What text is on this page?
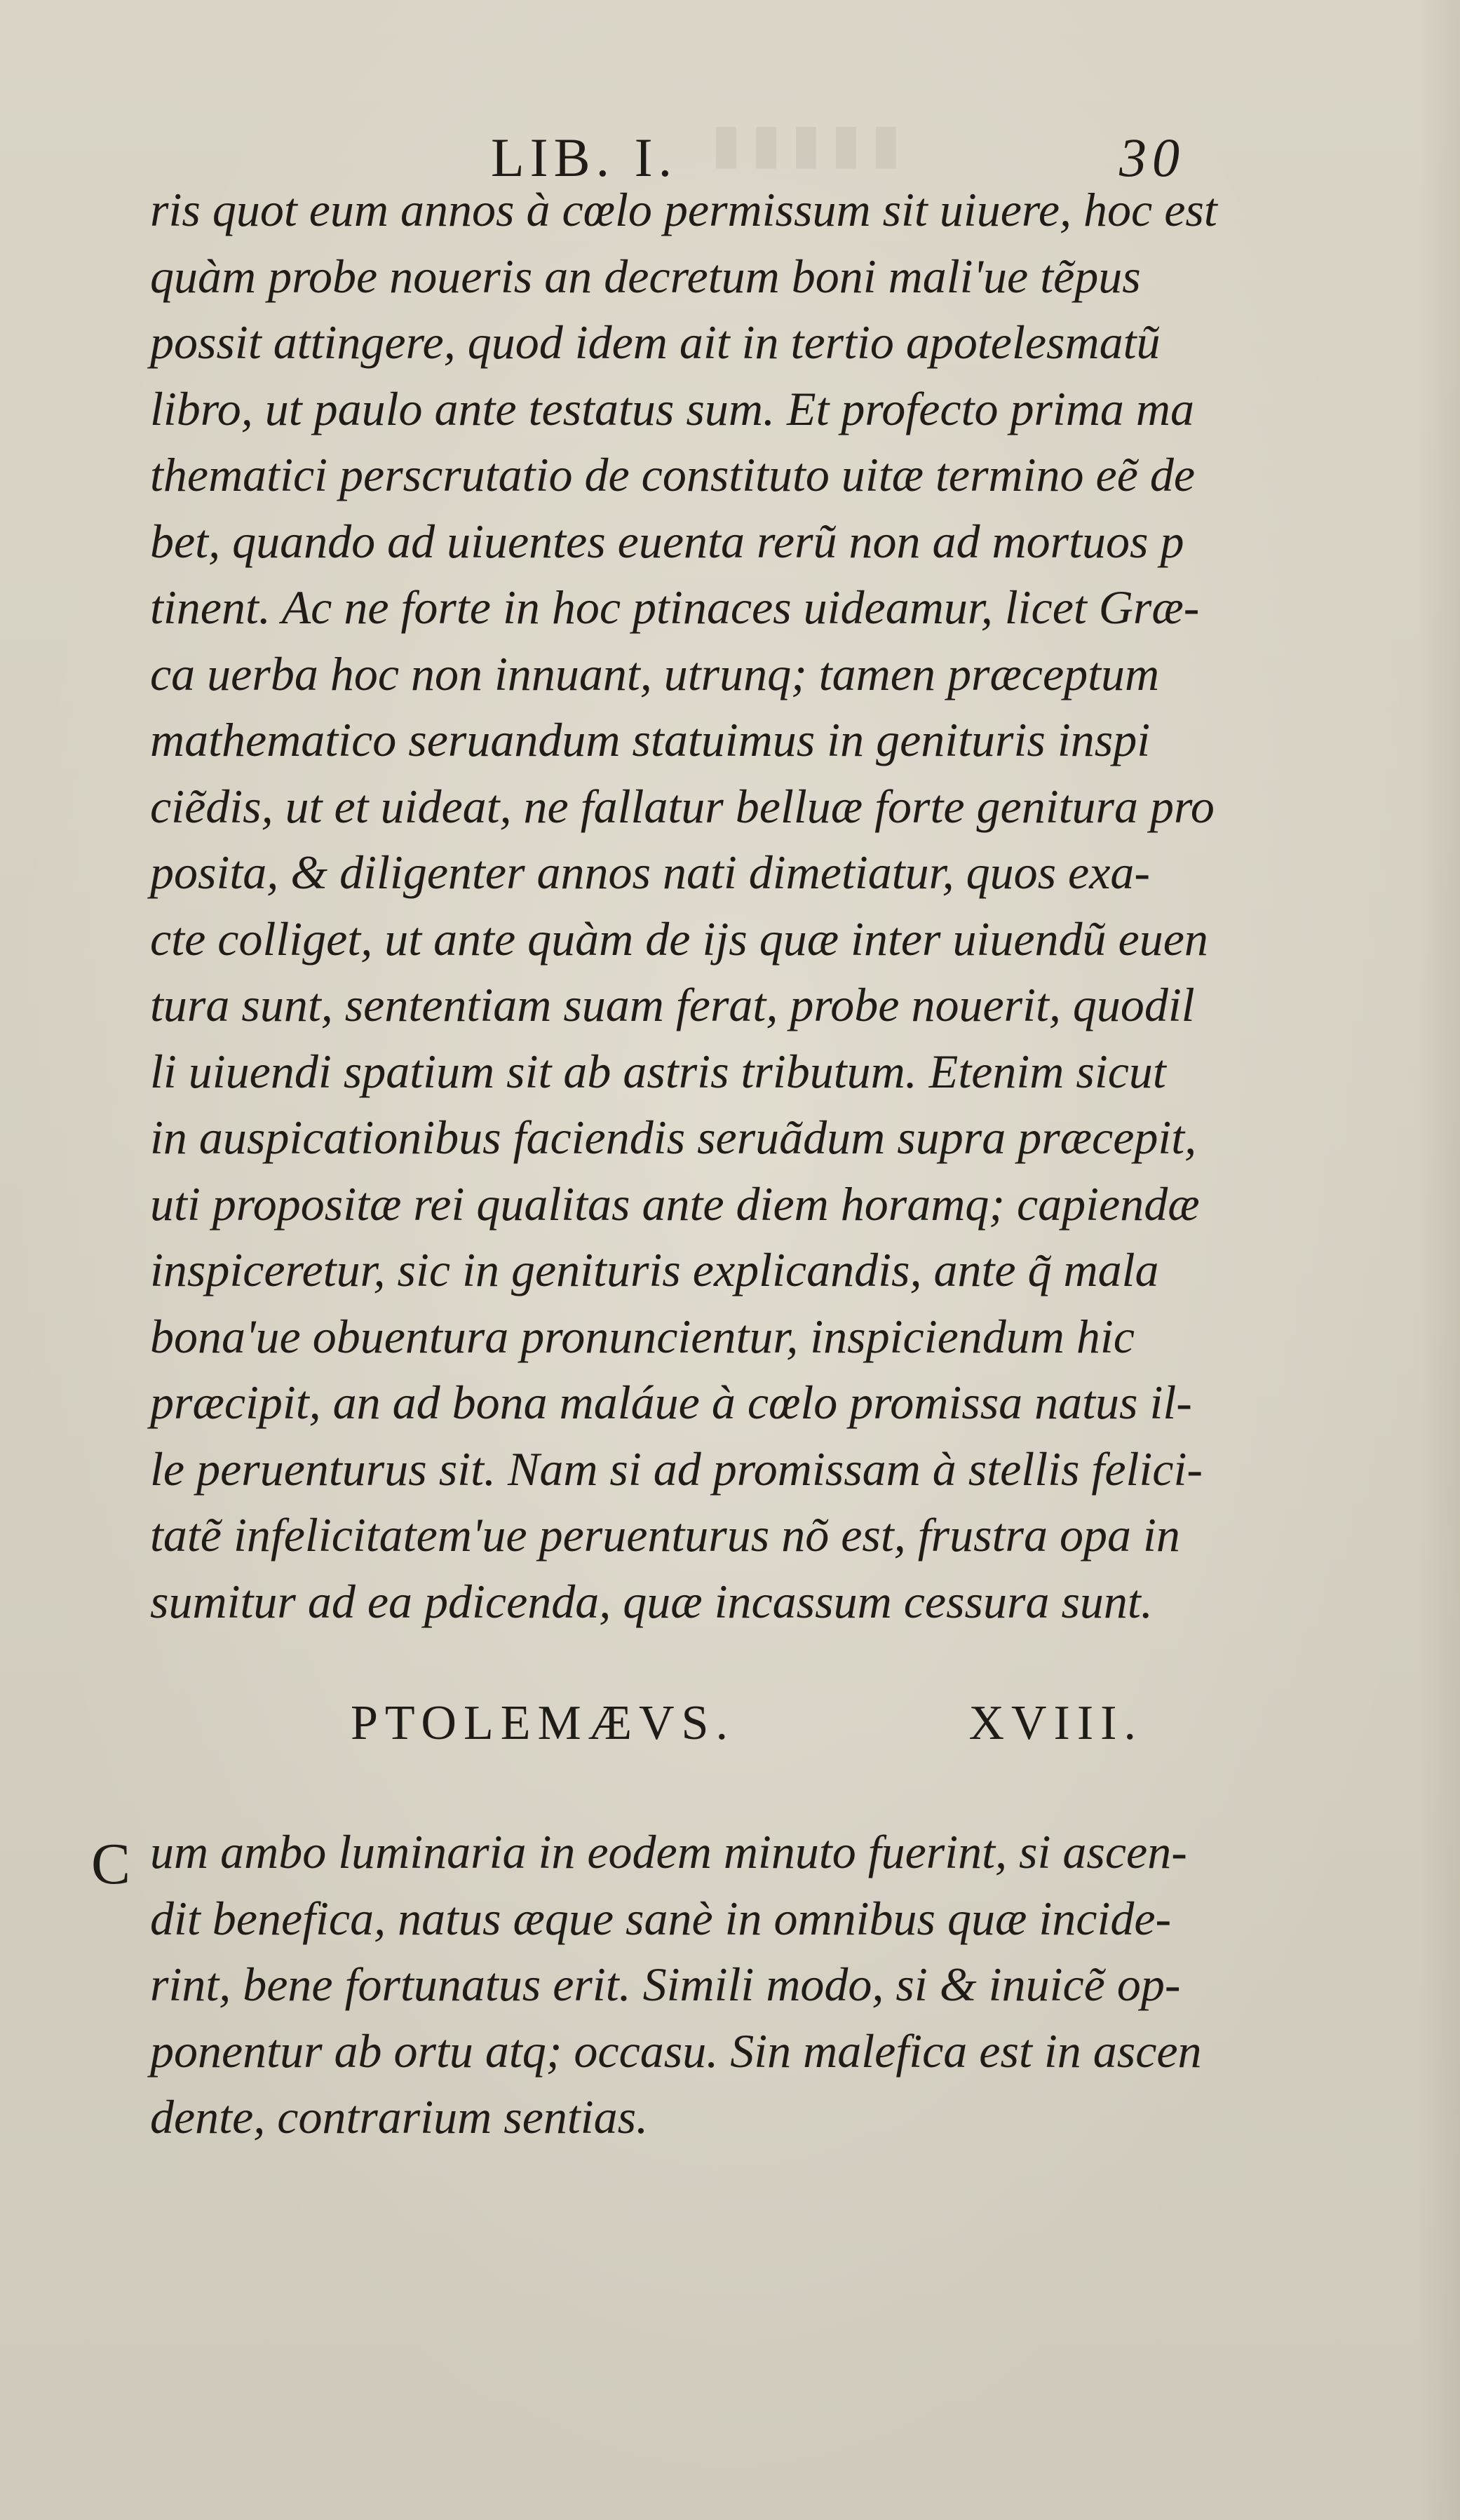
▮▮▮▮▮
LIB. I.	30
ris quot eum annos à cœlo permissum sit uiuere, hoc est
quàm probe noueris an decretum boni mali'ue tẽpus
possit attingere, quod idem ait in tertio apotelesmatũ
libro, ut paulo ante testatus sum. Et profecto prima ma
thematici perscrutatio de constituto uitæ termino eẽ de
bet, quando ad uiuentes euenta rerũ non ad mortuos p
tinent. Ac ne forte in hoc ptinaces uideamur, licet Græ-
ca uerba hoc non innuant, utrunq; tamen præceptum
mathematico seruandum statuimus in genituris inspi
ciẽdis, ut et uideat, ne fallatur belluæ forte genitura pro
posita, & diligenter annos nati dimetiatur, quos exa-
cte colliget, ut ante quàm de ijs quæ inter uiuendũ euen
tura sunt, sententiam suam ferat, probe nouerit, quodil
li uiuendi spatium sit ab astris tributum. Etenim sicut
in auspicationibus faciendis seruãdum supra præcepit,
uti propositæ rei qualitas ante diem horamq; capiendæ
inspiceretur, sic in genituris explicandis, ante q̃ mala
bona'ue obuentura pronuncientur, inspiciendum hic
præcipit, an ad bona maláue à cœlo promissa natus il-
le peruenturus sit. Nam si ad promissam à stellis felici-
tatẽ infelicitatem'ue peruenturus nõ est, frustra opa in
sumitur ad ea pdicenda, quæ incassum cessura sunt.
PTOLEMÆVS.	XVIII.
C um ambo luminaria in eodem minuto fuerint, si ascen-
dit benefica, natus æque sanè in omnibus quæ incide-
rint, bene fortunatus erit. Simili modo, si & inuicẽ op-
ponentur ab ortu atq; occasu. Sin malefica est in ascen
dente, contrarium sentias.
